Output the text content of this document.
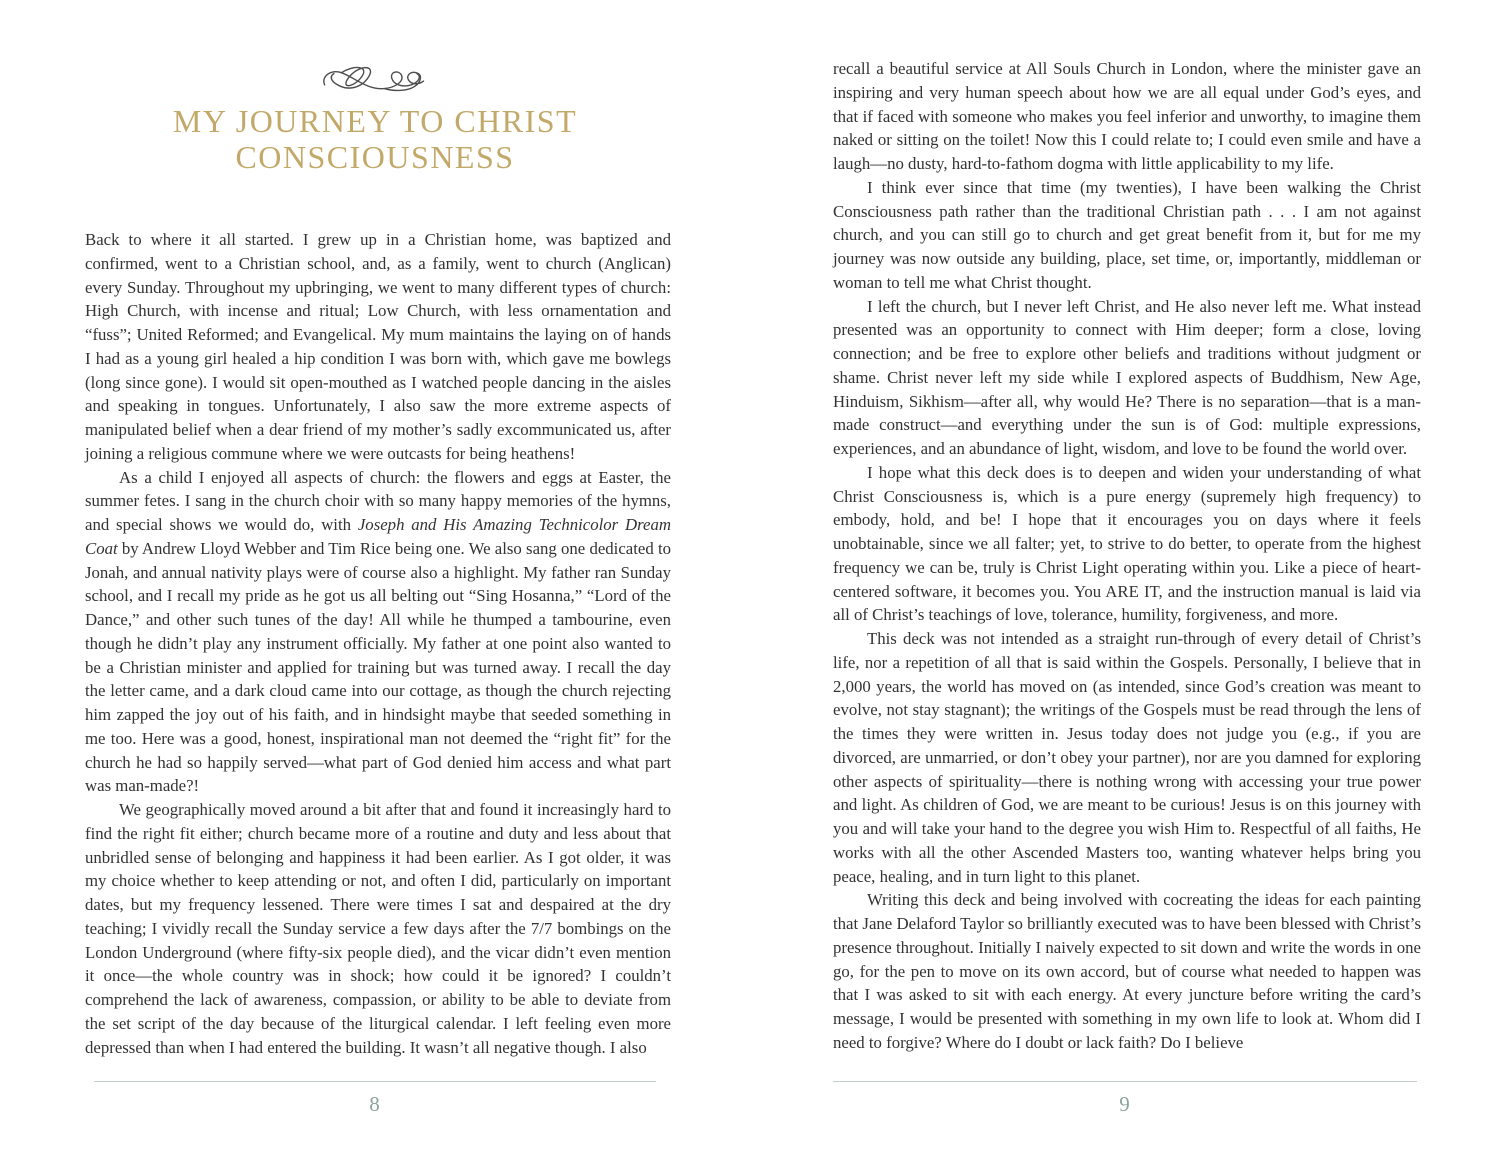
MY JOURNEY TO CHRIST
CONSCIOUSNESS

Back to where it all started. I grew up in a Christian home, was baptized and confirmed, went to a Christian school, and, as a family, went to church (Anglican) every Sunday. Throughout my upbringing, we went to many different types of church: High Church, with incense and ritual; Low Church, with less ornamentation and “fuss”; United Reformed; and Evangelical. My mum maintains the laying on of hands I had as a young girl healed a hip condition I was born with, which gave me bowlegs (long since gone). I would sit open-mouthed as I watched people dancing in the aisles and speaking in tongues. Unfortunately, I also saw the more extreme aspects of manipulated belief when a dear friend of my mother’s sadly excommunicated us, after joining a religious commune where we were outcasts for being heathens!

As a child I enjoyed all aspects of church: the flowers and eggs at Easter, the summer fetes. I sang in the church choir with so many happy memories of the hymns, and special shows we would do, with Joseph and His Amazing Technicolor Dream Coat by Andrew Lloyd Webber and Tim Rice being one. We also sang one dedicated to Jonah, and annual nativity plays were of course also a highlight. My father ran Sunday school, and I recall my pride as he got us all belting out “Sing Hosanna,” “Lord of the Dance,” and other such tunes of the day! All while he thumped a tambourine, even though he didn’t play any instrument officially. My father at one point also wanted to be a Christian minister and applied for training but was turned away. I recall the day the letter came, and a dark cloud came into our cottage, as though the church rejecting him zapped the joy out of his faith, and in hindsight maybe that seeded something in me too. Here was a good, honest, inspirational man not deemed the “right fit” for the church he had so happily served—what part of God denied him access and what part was man-made?!

We geographically moved around a bit after that and found it increasingly hard to find the right fit either; church became more of a routine and duty and less about that unbridled sense of belonging and happiness it had been earlier. As I got older, it was my choice whether to keep attending or not, and often I did, particularly on important dates, but my frequency lessened. There were times I sat and despaired at the dry teaching; I vividly recall the Sunday service a few days after the 7/7 bombings on the London Underground (where fifty-six people died), and the vicar didn’t even mention it once—the whole country was in shock; how could it be ignored? I couldn’t comprehend the lack of awareness, compassion, or ability to be able to deviate from the set script of the day because of the liturgical calendar. I left feeling even more depressed than when I had entered the building. It wasn’t all negative though. I also

8

recall a beautiful service at All Souls Church in London, where the minister gave an inspiring and very human speech about how we are all equal under God’s eyes, and that if faced with someone who makes you feel inferior and unworthy, to imagine them naked or sitting on the toilet! Now this I could relate to; I could even smile and have a laugh—no dusty, hard-to-fathom dogma with little applicability to my life.

I think ever since that time (my twenties), I have been walking the Christ Consciousness path rather than the traditional Christian path . . . I am not against church, and you can still go to church and get great benefit from it, but for me my journey was now outside any building, place, set time, or, importantly, middleman or woman to tell me what Christ thought.

I left the church, but I never left Christ, and He also never left me. What instead presented was an opportunity to connect with Him deeper; form a close, loving connection; and be free to explore other beliefs and traditions without judgment or shame. Christ never left my side while I explored aspects of Buddhism, New Age, Hinduism, Sikhism—after all, why would He? There is no separation—that is a man-made construct—and everything under the sun is of God: multiple expressions, experiences, and an abundance of light, wisdom, and love to be found the world over.

I hope what this deck does is to deepen and widen your understanding of what Christ Consciousness is, which is a pure energy (supremely high frequency) to embody, hold, and be! I hope that it encourages you on days where it feels unobtainable, since we all falter; yet, to strive to do better, to operate from the highest frequency we can be, truly is Christ Light operating within you. Like a piece of heart-centered software, it becomes you. You ARE IT, and the instruction manual is laid via all of Christ’s teachings of love, tolerance, humility, forgiveness, and more.

This deck was not intended as a straight run-through of every detail of Christ’s life, nor a repetition of all that is said within the Gospels. Personally, I believe that in 2,000 years, the world has moved on (as intended, since God’s creation was meant to evolve, not stay stagnant); the writings of the Gospels must be read through the lens of the times they were written in. Jesus today does not judge you (e.g., if you are divorced, are unmarried, or don’t obey your partner), nor are you damned for exploring other aspects of spirituality—there is nothing wrong with accessing your true power and light. As children of God, we are meant to be curious! Jesus is on this journey with you and will take your hand to the degree you wish Him to. Respectful of all faiths, He works with all the other Ascended Masters too, wanting whatever helps bring you peace, healing, and in turn light to this planet.

Writing this deck and being involved with cocreating the ideas for each painting that Jane Delaford Taylor so brilliantly executed was to have been blessed with Christ’s presence throughout. Initially I naively expected to sit down and write the words in one go, for the pen to move on its own accord, but of course what needed to happen was that I was asked to sit with each energy. At every juncture before writing the card’s message, I would be presented with something in my own life to look at. Whom did I need to forgive? Where do I doubt or lack faith? Do I believe

9
